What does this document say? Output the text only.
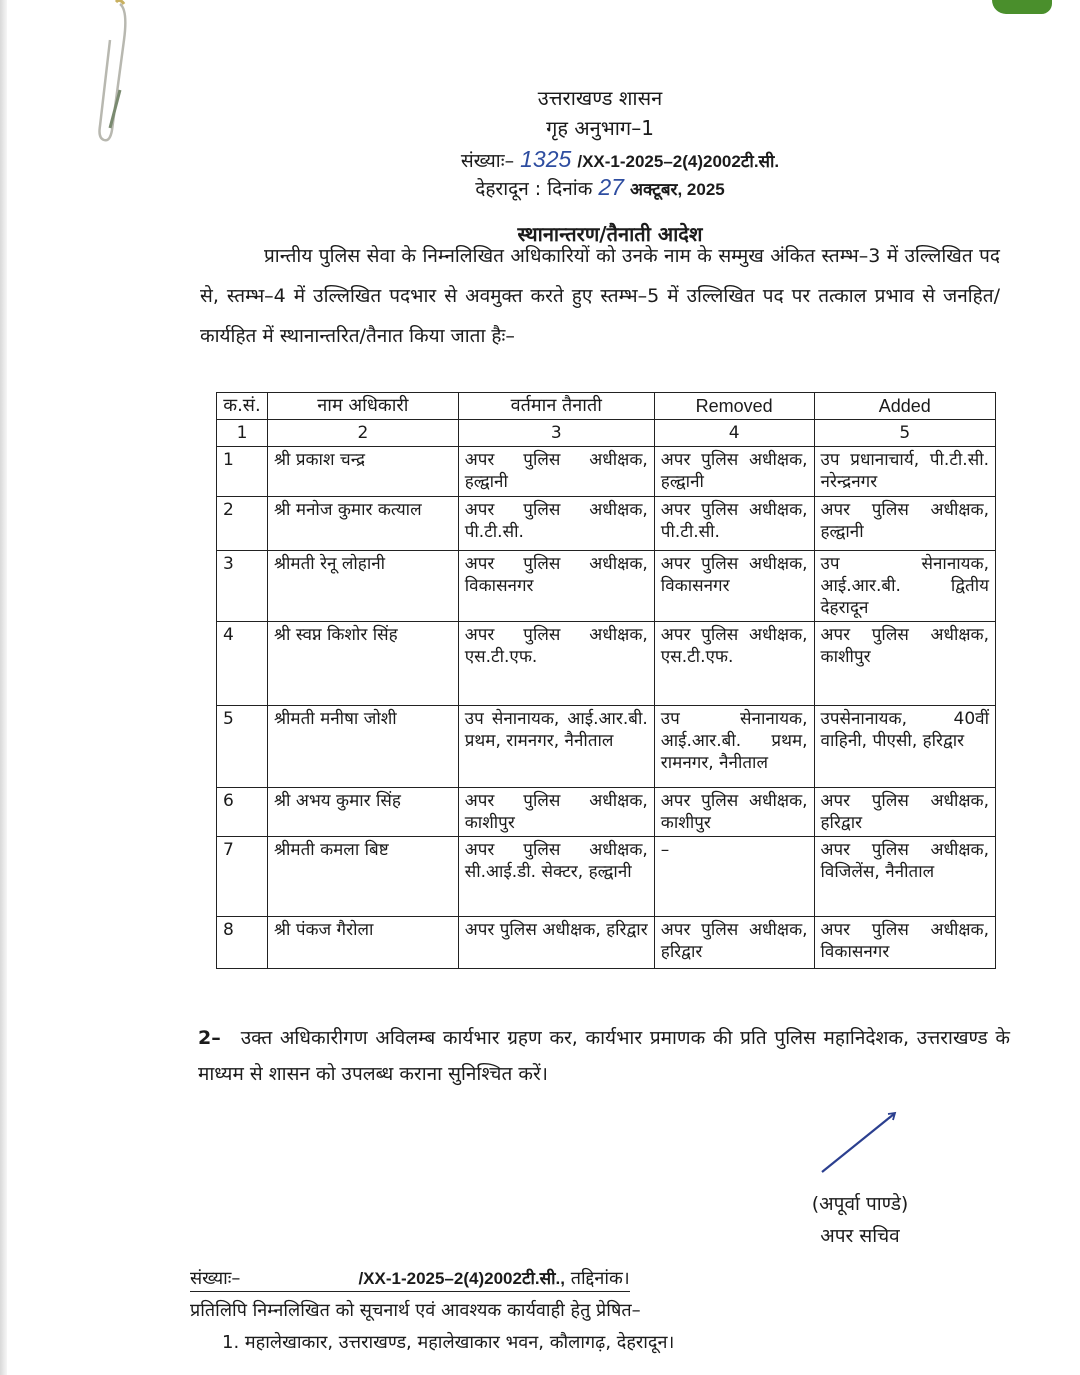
उत्तराखण्ड शासन
गृह अनुभाग–1
संख्याः– 1325 /XX-1-2025–2(4)2002टी.सी.
देहरादून : दिनांक 27 अक्टूबर, 2025
स्थानान्तरण/तैनाती आदेश
प्रान्तीय पुलिस सेवा के निम्नलिखित अधिकारियों को उनके नाम के सम्मुख अंकित स्तम्भ–3 में उल्लिखित पद से, स्तम्भ–4 में उल्लिखित पदभार से अवमुक्त करते हुए स्तम्भ–5 में उल्लिखित पद पर तत्काल प्रभाव से जनहित/कार्यहित में स्थानान्तरित/तैनात किया जाता हैः–
क.सं.	नाम अधिकारी	वर्तमान तैनाती	Removed	Added
1	2	3	4	5
1	श्री प्रकाश चन्द्र	अपर पुलिस अधीक्षक, हल्द्वानी	अपर पुलिस अधीक्षक, हल्द्वानी	उप प्रधानाचार्य, पी.टी.सी. नरेन्द्रनगर
2	श्री मनोज कुमार कत्याल	अपर पुलिस अधीक्षक, पी.टी.सी.	अपर पुलिस अधीक्षक, पी.टी.सी.	अपर पुलिस अधीक्षक, हल्द्वानी
3	श्रीमती रेनू लोहानी	अपर पुलिस अधीक्षक, विकासनगर	अपर पुलिस अधीक्षक, विकासनगर	उप सेनानायक, आई.आर.बी. द्वितीय देहरादून
4	श्री स्वप्न किशोर सिंह	अपर पुलिस अधीक्षक, एस.टी.एफ.	अपर पुलिस अधीक्षक, एस.टी.एफ.	अपर पुलिस अधीक्षक, काशीपुर
5	श्रीमती मनीषा जोशी	उप सेनानायक, आई.आर.बी. प्रथम, रामनगर, नैनीताल	उप सेनानायक, आई.आर.बी. प्रथम, रामनगर, नैनीताल	उपसेनानायक, 40वीं वाहिनी, पीएसी, हरिद्वार
6	श्री अभय कुमार सिंह	अपर पुलिस अधीक्षक, काशीपुर	अपर पुलिस अधीक्षक, काशीपुर	अपर पुलिस अधीक्षक, हरिद्वार
7	श्रीमती कमला बिष्ट	अपर पुलिस अधीक्षक, सी.आई.डी. सेक्टर, हल्द्वानी	–	अपर पुलिस अधीक्षक, विजिलेंस, नैनीताल
8	श्री पंकज गैरोला	अपर पुलिस अधीक्षक, हरिद्वार	अपर पुलिस अधीक्षक, हरिद्वार	अपर पुलिस अधीक्षक, विकासनगर
2– उक्त अधिकारीगण अविलम्ब कार्यभार ग्रहण कर, कार्यभार प्रमाणक की प्रति पुलिस महानिदेशक, उत्तराखण्ड के माध्यम से शासन को उपलब्ध कराना सुनिश्चित करें।
(अपूर्वा पाण्डे)
अपर सचिव
संख्याः–	/XX-1-2025–2(4)2002टी.सी., तद्दिनांक।
प्रतिलिपि निम्नलिखित को सूचनार्थ एवं आवश्यक कार्यवाही हेतु प्रेषित–
1. महालेखाकार, उत्तराखण्ड, महालेखाकार भवन, कौलागढ़, देहरादून।
